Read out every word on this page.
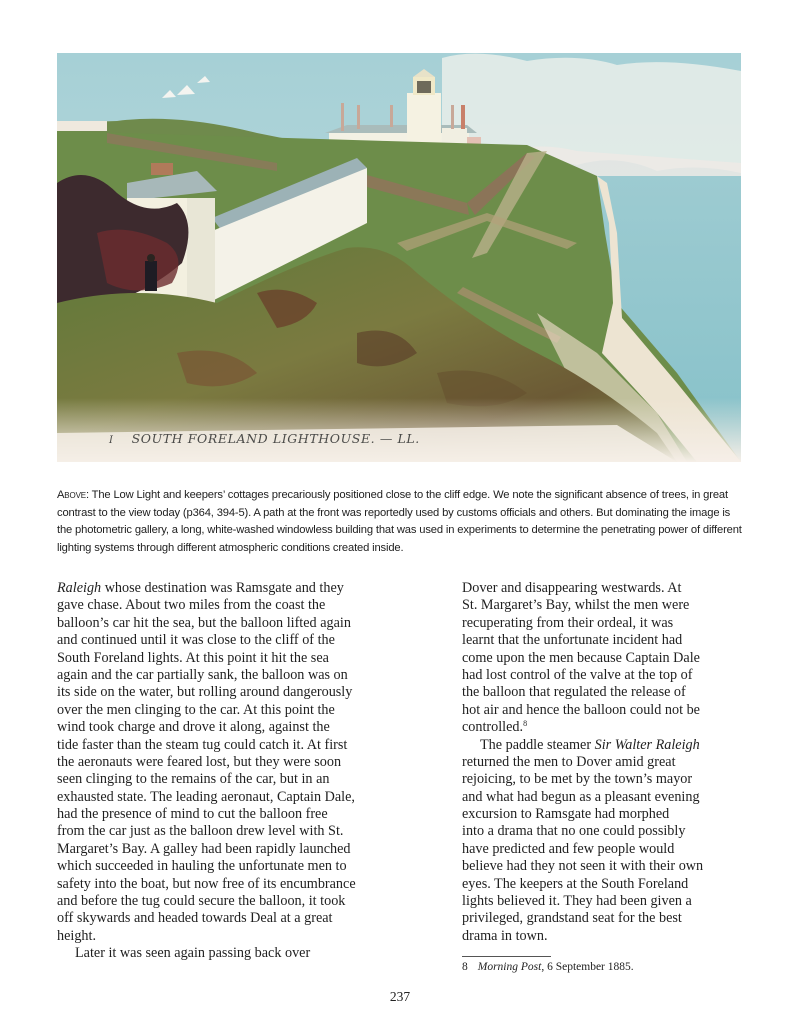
I SOUTH FORELAND LIGHTHOUSE. — LL.
Above: The Low Light and keepers’ cottages precariously positioned close to the cliff edge. We note the significant absence of trees, in great contrast to the view today (p364, 394-5). A path at the front was reportedly used by customs officials and others. But dominating the image is the photometric gallery, a long, white-washed windowless building that was used in experiments to determine the penetrating power of different lighting systems through different atmospheric conditions created inside.
Raleigh whose destination was Ramsgate and they
gave chase. About two miles from the coast the
balloon’s car hit the sea, but the balloon lifted again
and continued until it was close to the cliff of the
South Foreland lights. At this point it hit the sea
again and the car partially sank, the balloon was on
its side on the water, but rolling around dangerously
over the men clinging to the car. At this point the
wind took charge and drove it along, against the
tide faster than the steam tug could catch it. At first
the aeronauts were feared lost, but they were soon
seen clinging to the remains of the car, but in an
exhausted state. The leading aeronaut, Captain Dale,
had the presence of mind to cut the balloon free
from the car just as the balloon drew level with St.
Margaret’s Bay. A galley had been rapidly launched
which succeeded in hauling the unfortunate men to
safety into the boat, but now free of its encumbrance
and before the tug could secure the balloon, it took
off skywards and headed towards Deal at a great
height.
Later it was seen again passing back over
Dover and disappearing westwards. At
St. Margaret’s Bay, whilst the men were
recuperating from their ordeal, it was
learnt that the unfortunate incident had
come upon the men because Captain Dale
had lost control of the valve at the top of
the balloon that regulated the release of
hot air and hence the balloon could not be
controlled.$^8$
The paddle steamer Sir Walter Raleigh
returned the men to Dover amid great
rejoicing, to be met by the town’s mayor
and what had begun as a pleasant evening
excursion to Ramsgate had morphed
into a drama that no one could possibly
have predicted and few people would
believe had they not seen it with their own
eyes. The keepers at the South Foreland
lights believed it. They had been given a
privileged, grandstand seat for the best
drama in town.
8 Morning Post, 6 September 1885.
237
